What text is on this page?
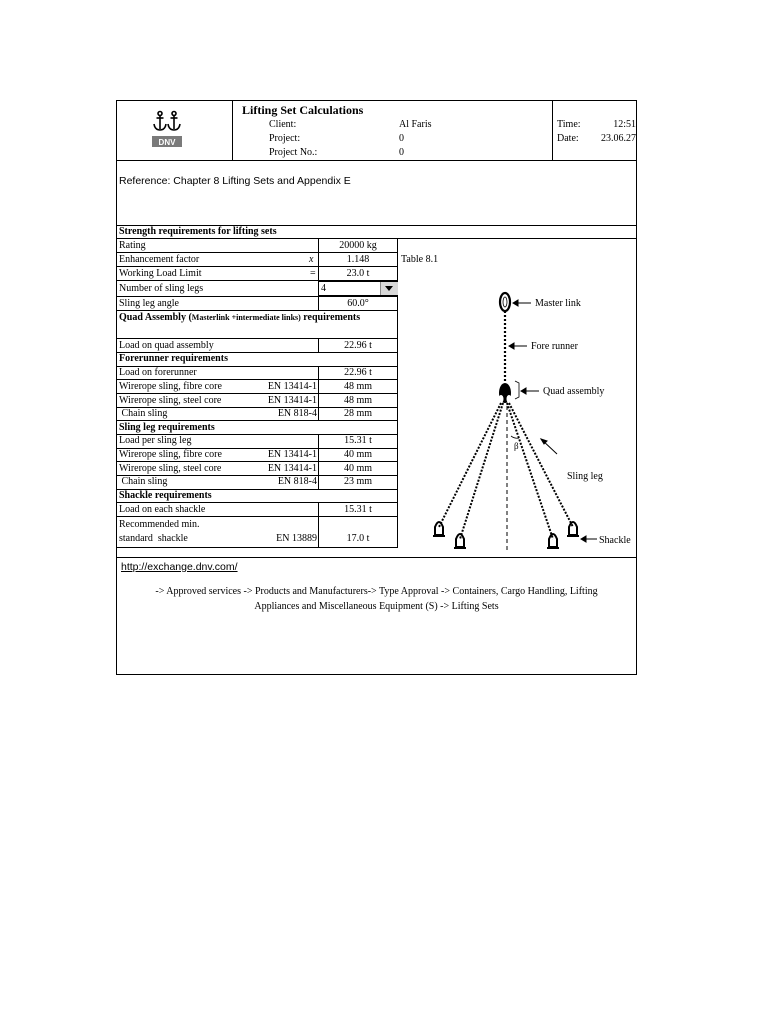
DNV
Lifting Set Calculations
Client:	Al Faris
Project:	0
Project No.:	0
Time:	12:51
Date:	23.06.27
Reference: Chapter 8 Lifting Sets and Appendix E
Strength requirements for lifting sets
Rating	20000 kg
Enhancement factor	x	1.148	Table 8.1
Working Load Limit	=	23.0 t
Number of sling legs	4
Sling leg angle	60.0°
Quad Assembly (Masterlink +intermediate links) requirements
Load on quad assembly	22.96 t
Forerunner requirements
Load on forerunner	22.96 t
Wirerope sling, fibre core	EN 13414-1	48 mm
Wirerope sling, steel core	EN 13414-1	48 mm
Chain sling	EN 818-4	28 mm
Sling leg requirements
Load per sling leg	15.31 t
Wirerope sling, fibre core	EN 13414-1	40 mm
Wirerope sling, steel core	EN 13414-1	40 mm
Chain sling	EN 818-4	23 mm
Shackle requirements
Load on each shackle	15.31 t
Recommended min.
standard  shackle	EN 13889	17.0 t
β
Master link
Fore runner
Quad assembly
Sling leg
Shackle
http://exchange.dnv.com/
-> Approved services -> Products and Manufacturers-> Type Approval -> Containers, Cargo Handling, Lifting
Appliances and Miscellaneous Equipment (S) -> Lifting Sets
